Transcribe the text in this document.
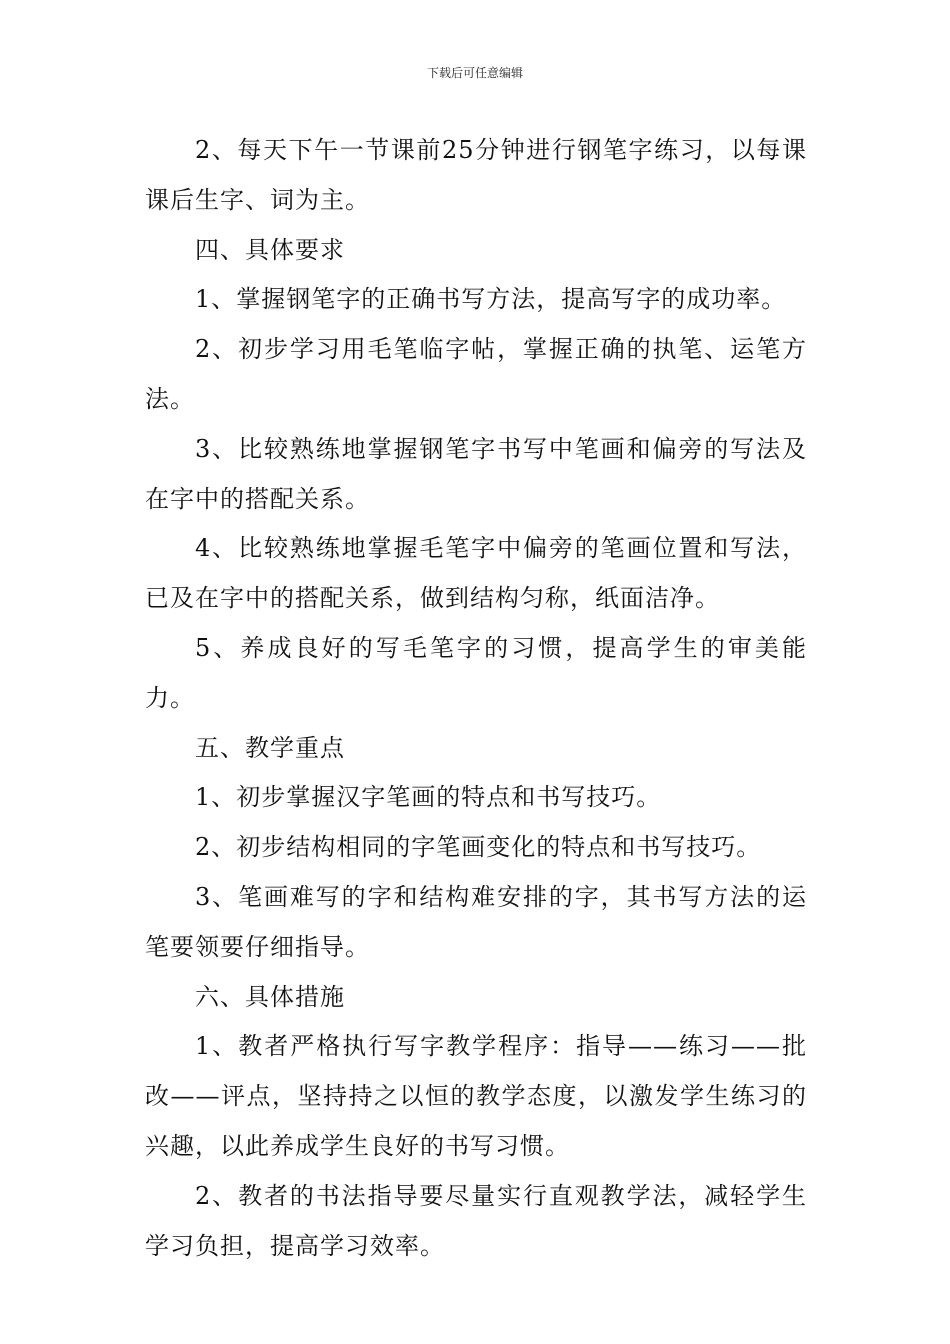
下载后可任意编辑

2、每天下午一节课前25分钟进行钢笔字练习，以每课课后生字、词为主。

四、具体要求

1、掌握钢笔字的正确书写方法，提高写字的成功率。

2、初步学习用毛笔临字帖，掌握正确的执笔、运笔方法。

3、比较熟练地掌握钢笔字书写中笔画和偏旁的写法及在字中的搭配关系。

4、比较熟练地掌握毛笔字中偏旁的笔画位置和写法，已及在字中的搭配关系，做到结构匀称，纸面洁净。

5、养成良好的写毛笔字的习惯，提高学生的审美能力。

五、教学重点

1、初步掌握汉字笔画的特点和书写技巧。

2、初步结构相同的字笔画变化的特点和书写技巧。

3、笔画难写的字和结构难安排的字，其书写方法的运笔要领要仔细指导。

六、具体措施

1、教者严格执行写字教学程序：指导——练习——批改——评点，坚持持之以恒的教学态度，以激发学生练习的兴趣，以此养成学生良好的书写习惯。

2、教者的书法指导要尽量实行直观教学法，减轻学生学习负担，提高学习效率。
